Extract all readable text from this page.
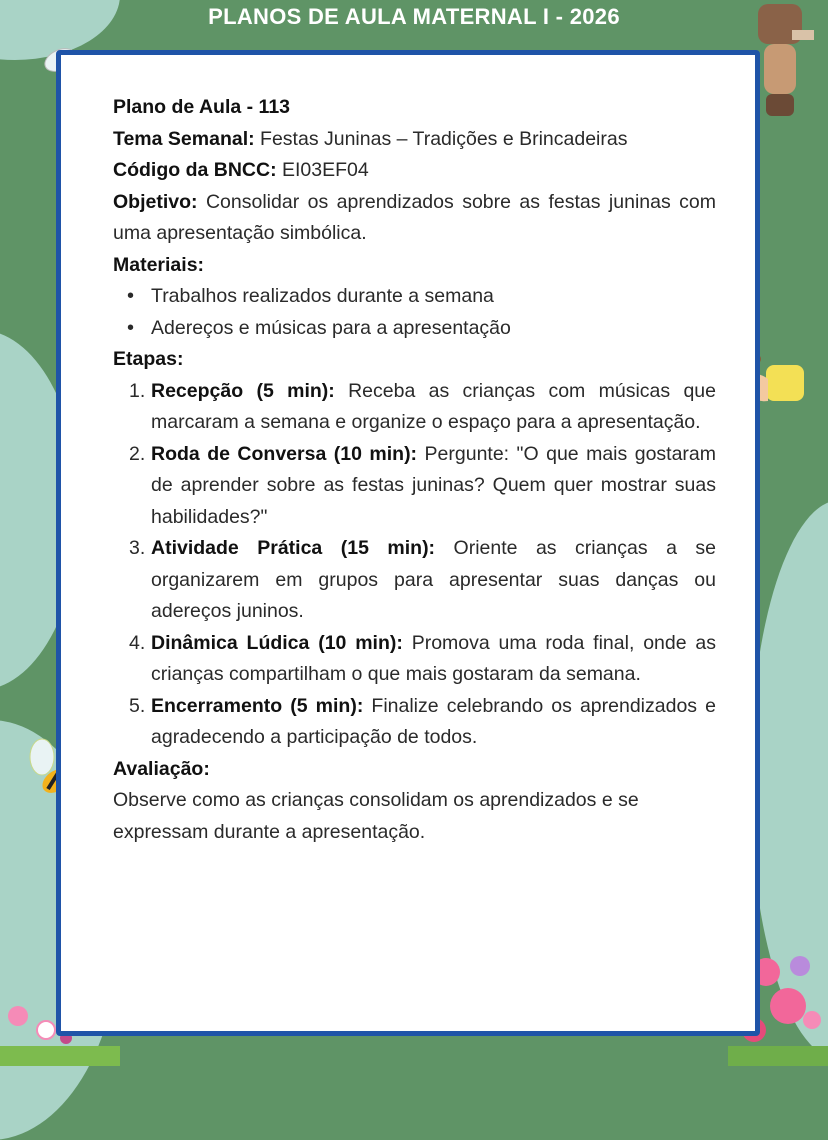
PLANOS DE AULA MATERNAL I - 2026

Plano de Aula - 113

Tema Semanal: Festas Juninas – Tradições e Brincadeiras

Código da BNCC: EI03EF04

Objetivo: Consolidar os aprendizados sobre as festas juninas com uma apresentação simbólica.

Materiais:

• Trabalhos realizados durante a semana
• Adereços e músicas para a apresentação

Etapas:

1. Recepção (5 min): Receba as crianças com músicas que marcaram a semana e organize o espaço para a apresentação.
2. Roda de Conversa (10 min): Pergunte: "O que mais gostaram de aprender sobre as festas juninas? Quem quer mostrar suas habilidades?"
3. Atividade Prática (15 min): Oriente as crianças a se organizarem em grupos para apresentar suas danças ou adereços juninos.
4. Dinâmica Lúdica (10 min): Promova uma roda final, onde as crianças compartilham o que mais gostaram da semana.
5. Encerramento (5 min): Finalize celebrando os aprendizados e agradecendo a participação de todos.

Avaliação:

Observe como as crianças consolidam os aprendizados e se expressam durante a apresentação.
